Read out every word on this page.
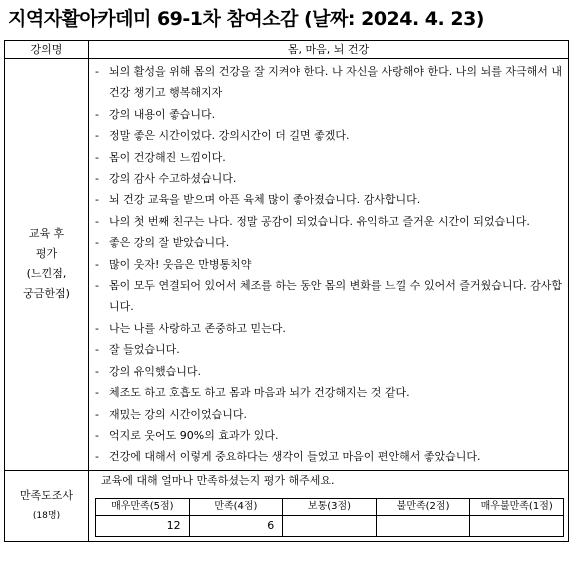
지역자활아카데미 69-1차 참여소감 (날짜: 2024. 4. 23)
강의명	몸, 마음, 뇌 건강

교육 후
평가
(느낀점,
궁금한점)

- 뇌의 활성을 위해 몸의 건강을 잘 지켜야 한다. 나 자신을 사랑해야 한다. 나의 뇌를 자극해서 내 건강 챙기고 행복해지자
- 강의 내용이 좋습니다.
- 정말 좋은 시간이었다. 강의시간이 더 길면 좋겠다.
- 몸이 건강해진 느낌이다.
- 강의 감사 수고하셨습니다.
- 뇌 건강 교육을 받으며 아픈 육체 많이 좋아졌습니다. 감사합니다.
- 나의 첫 번째 친구는 나다. 정말 공감이 되었습니다. 유익하고 즐거운 시간이 되었습니다.
- 좋은 강의 잘 받았습니다.
- 많이 웃자! 웃음은 만병통치약
- 몸이 모두 연결되어 있어서 체조를 하는 동안 몸의 변화를 느낄 수 있어서 즐거웠습니다. 감사합니다.
- 나는 나를 사랑하고 존중하고 믿는다.
- 잘 들었습니다.
- 강의 유익했습니다.
- 체조도 하고 호흡도 하고 몸과 마음과 뇌가 건강해지는 것 같다.
- 재밌는 강의 시간이었습니다.
- 억지로 웃어도 90%의 효과가 있다.
- 건강에 대해서 이렇게 중요하다는 생각이 들었고 마음이 편안해서 좋았습니다.

만족도조사
(18명)

교육에 대해 얼마나 만족하셨는지 평가 해주세요.
매우만족(5점)	만족(4점)	보통(3점)	불만족(2점)	매우불만족(1점)
12	6			
